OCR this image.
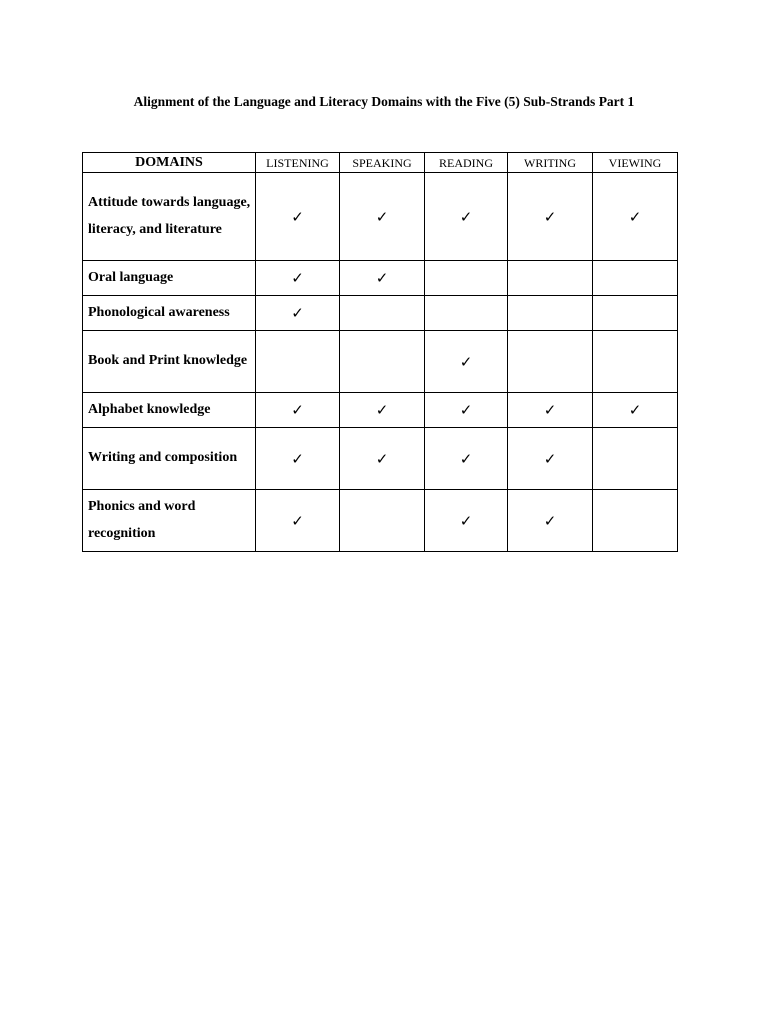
Alignment of the Language and Literacy Domains with the Five (5) Sub-Strands Part 1
DOMAINS	LISTENING	SPEAKING	READING	WRITING	VIEWING
Attitude towards language, literacy, and literature	✓	✓	✓	✓	✓
Oral language	✓	✓			
Phonological awareness	✓				
Book and Print knowledge			✓		
Alphabet knowledge	✓	✓	✓	✓	✓
Writing and composition	✓	✓	✓	✓	
Phonics and word recognition	✓		✓	✓	
